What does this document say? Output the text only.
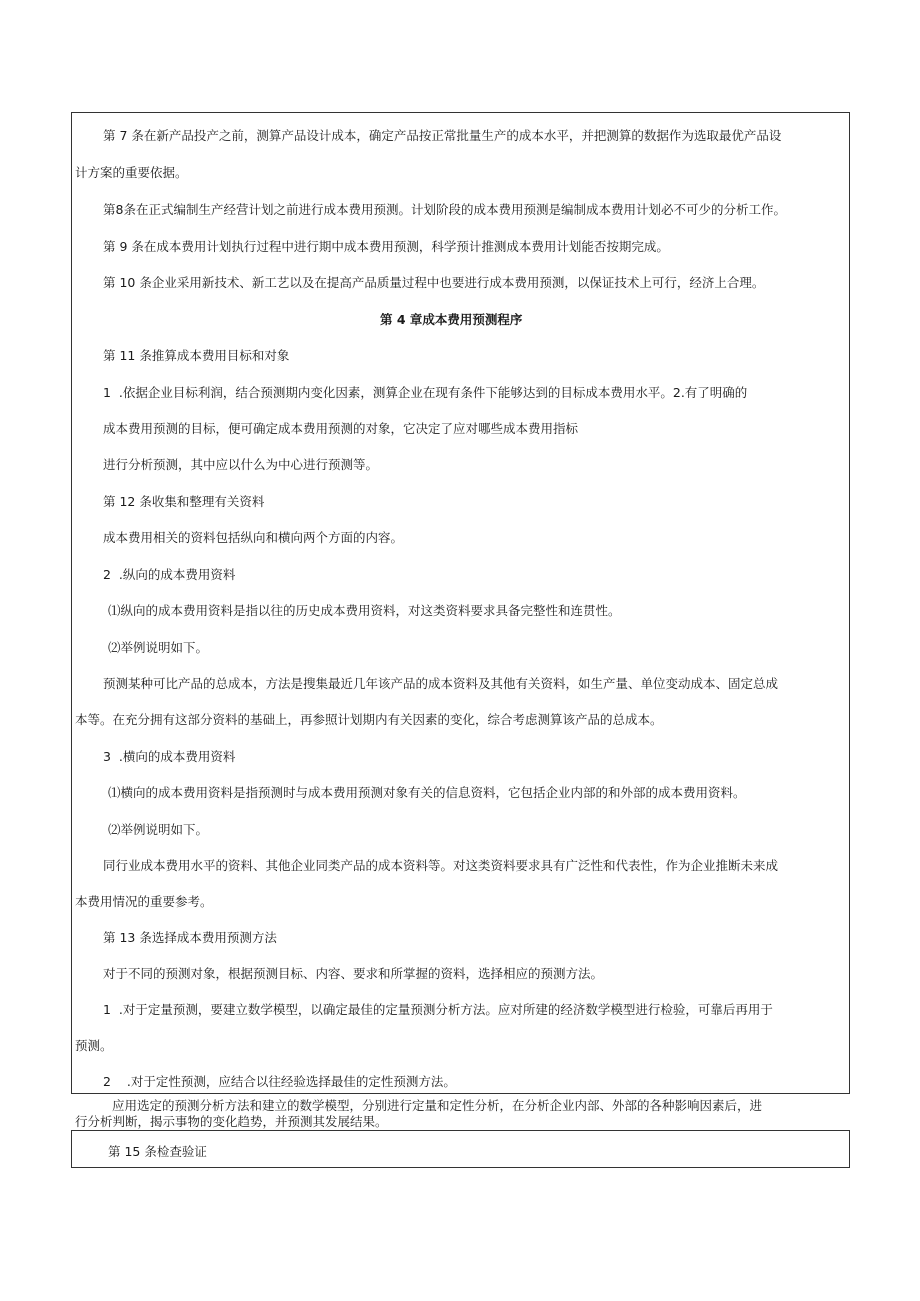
第 7 条在新产品投产之前，测算产品设计成本，确定产品按正常批量生产的成本水平，并把测算的数据作为选取最优产品设

计方案的重要依据。

第8条在正式编制生产经营计划之前进行成本费用预测。计划阶段的成本费用预测是编制成本费用计划必不可少的分析工作。

第 9 条在成本费用计划执行过程中进行期中成本费用预测，科学预计推测成本费用计划能否按期完成。

第 10 条企业采用新技术、新工艺以及在提高产品质量过程中也要进行成本费用预测，以保证技术上可行，经济上合理。

第 4 章成本费用预测程序

第 11 条推算成本费用目标和对象

1  .依据企业目标利润，结合预测期内变化因素，测算企业在现有条件下能够达到的目标成本费用水平。2.有了明确的

成本费用预测的目标，便可确定成本费用预测的对象，它决定了应对哪些成本费用指标

进行分析预测，其中应以什么为中心进行预测等。

第 12 条收集和整理有关资料

成本费用相关的资料包括纵向和横向两个方面的内容。

2  .纵向的成本费用资料

⑴纵向的成本费用资料是指以往的历史成本费用资料，对这类资料要求具备完整性和连贯性。

⑵举例说明如下。

预测某种可比产品的总成本，方法是搜集最近几年该产品的成本资料及其他有关资料，如生产量、单位变动成本、固定总成

本等。在充分拥有这部分资料的基础上，再参照计划期内有关因素的变化，综合考虑测算该产品的总成本。

3  .横向的成本费用资料

⑴横向的成本费用资料是指预测时与成本费用预测对象有关的信息资料，它包括企业内部的和外部的成本费用资料。

⑵举例说明如下。

同行业成本费用水平的资料、其他企业同类产品的成本资料等。对这类资料要求具有广泛性和代表性，作为企业推断未来成

本费用情况的重要参考。

第 13 条选择成本费用预测方法

对于不同的预测对象，根据预测目标、内容、要求和所掌握的资料，选择相应的预测方法。

1  .对于定量预测，要建立数学模型，以确定最佳的定量预测分析方法。应对所建的经济数学模型进行检验，可靠后再用于

预测。

2    .对于定性预测，应结合以往经验选择最佳的定性预测方法。

应用选定的预测分析方法和建立的数学模型，分别进行定量和定性分析，在分析企业内部、外部的各种影响因素后，进

行分析判断，揭示事物的变化趋势，并预测其发展结果。

第 15 条检查验证
